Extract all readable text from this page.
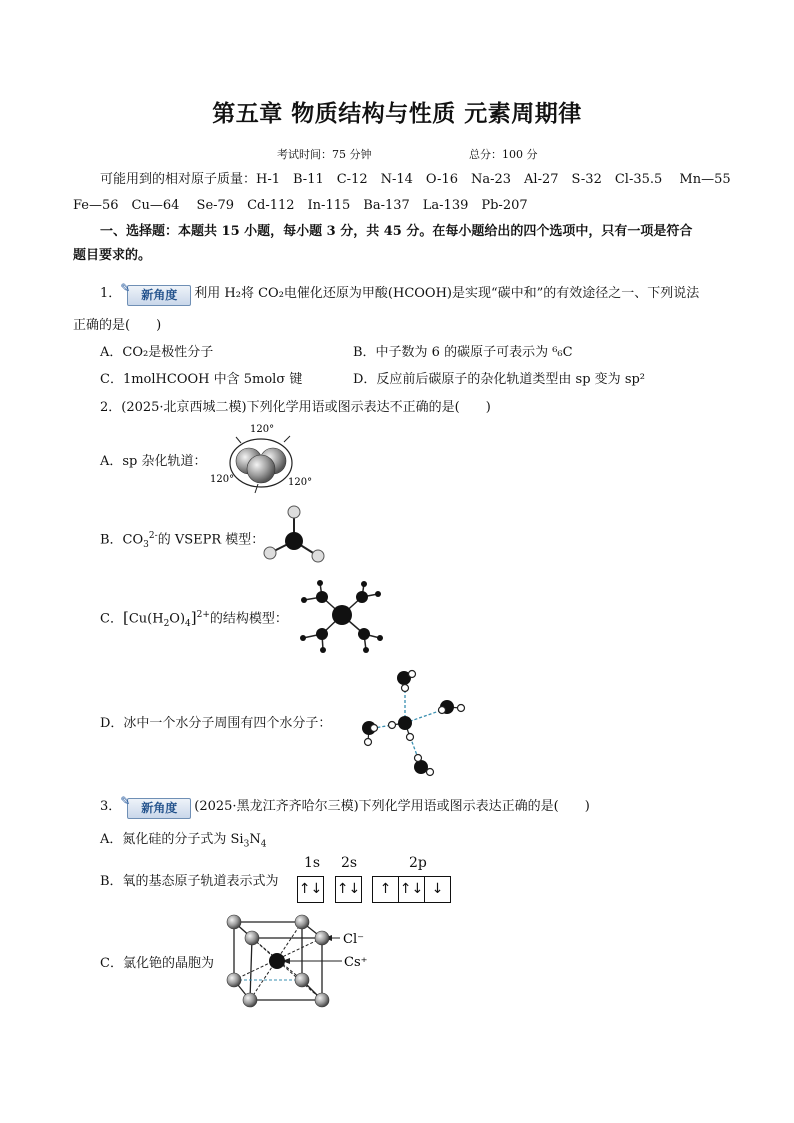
第五章 物质结构与性质 元素周期律
考试时间：75 分钟	总分：100 分
可能用到的相对原子质量：H-1　B-11　C-12　N-14　O-16　Na-23　Al-27　S-32　Cl-35.5　 Mn—55
Fe—56　Cu—64　 Se-79　Cd-112　In-115　Ba-137　La-139　Pb-207
一、选择题：本题共 15 小题，每小题 3 分，共 45 分。在每小题给出的四个选项中，只有一项是符合
题目要求的。
1． ✎ 新角度 利用 H₂将 CO₂电催化还原为甲酸(HCOOH)是实现“碳中和”的有效途径之一、下列说法
正确的是(　　)
A．CO₂是极性分子	B．中子数为 6 的碳原子可表示为 ⁶₆C
C．1molHCOOH 中含 5molσ 键	D．反应前后碳原子的杂化轨道类型由 sp 变为 sp²
2．(2025·北京西城二模)下列化学用语或图示表达不正确的是(　　)
A．sp 杂化轨道：
120°
120°	120°
B．$CO_3^{2-}$的 VSEPR 模型：
C．$[Cu(H_2O)_4]^{2+}$的结构模型：
D．冰中一个水分子周围有四个水分子：
3． ✎ 新角度 (2025·黑龙江齐齐哈尔三模)下列化学用语或图示表达正确的是(　　)
A．氮化硅的分子式为 $Si_3N_4$
B．氧的基态原子轨道表示式为
1s 2s	2p
↑↓ ↑↓	↑ ↑↓ ↓
C．氯化铯的晶胞为
Cl⁻
Cs⁺
